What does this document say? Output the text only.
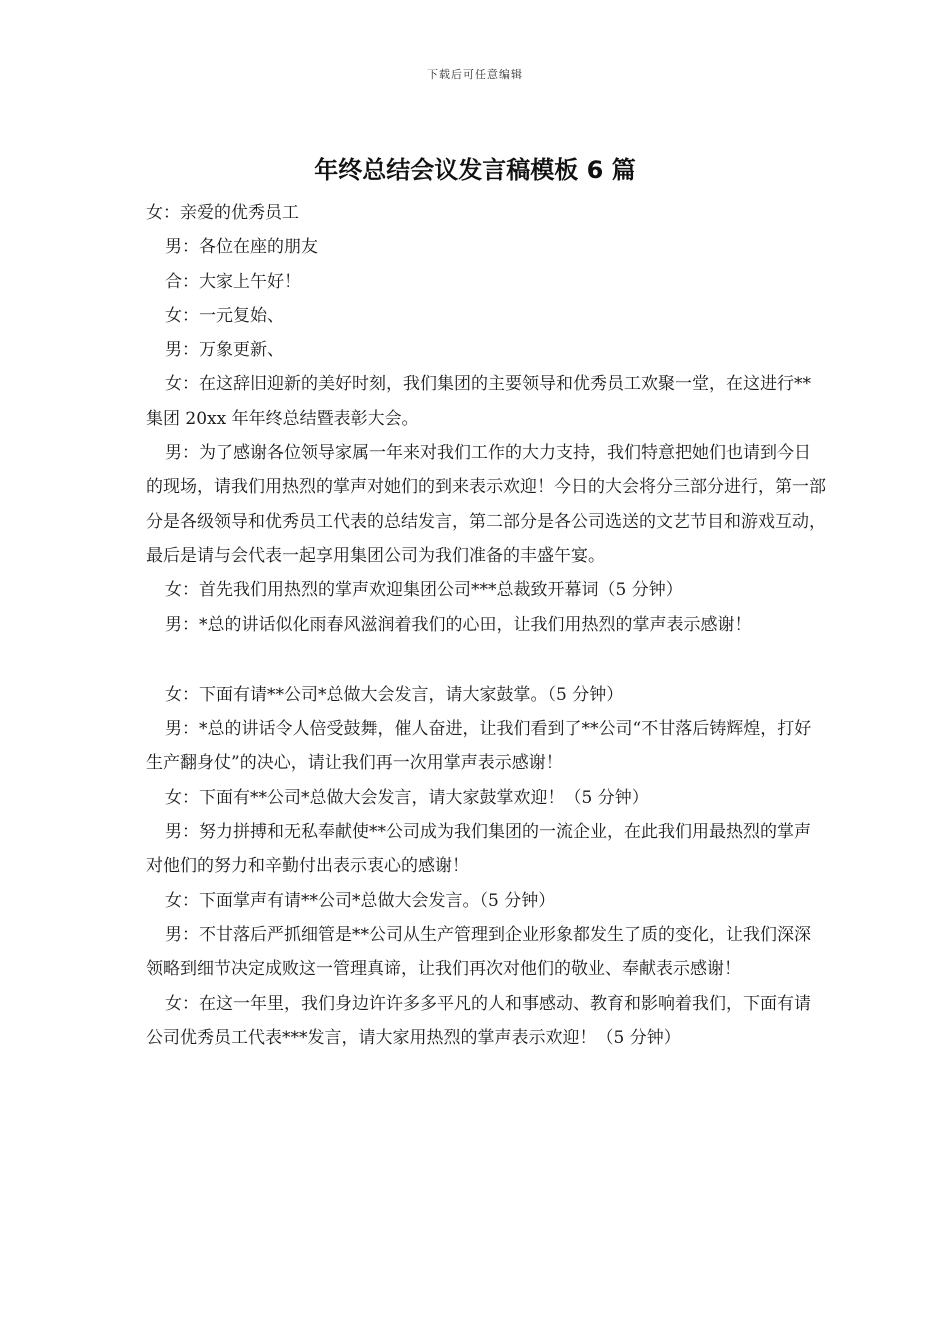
下载后可任意编辑
年终总结会议发言稿模板 6 篇

女：亲爱的优秀员工

男：各位在座的朋友

合：大家上午好！

女：一元复始、

男：万象更新、

女：在这辞旧迎新的美好时刻，我们集团的主要领导和优秀员工欢聚一堂，在这进行**集团 20xx 年年终总结暨表彰大会。

男：为了感谢各位领导家属一年来对我们工作的大力支持，我们特意把她们也请到今日的现场，请我们用热烈的掌声对她们的到来表示欢迎！今日的大会将分三部分进行，第一部分是各级领导和优秀员工代表的总结发言，第二部分是各公司选送的文艺节目和游戏互动，最后是请与会代表一起享用集团公司为我们准备的丰盛午宴。

女：首先我们用热烈的掌声欢迎集团公司***总裁致开幕词（5 分钟）

男：*总的讲话似化雨春风滋润着我们的心田，让我们用热烈的掌声表示感谢！

女：下面有请**公司*总做大会发言，请大家鼓掌。（5 分钟）

男：*总的讲话令人倍受鼓舞，催人奋进，让我们看到了**公司“不甘落后铸辉煌，打好生产翻身仗”的决心，请让我们再一次用掌声表示感谢！

女：下面有**公司*总做大会发言，请大家鼓掌欢迎！（5 分钟）

男：努力拼搏和无私奉献使**公司成为我们集团的一流企业，在此我们用最热烈的掌声对他们的努力和辛勤付出表示衷心的感谢！

女：下面掌声有请**公司*总做大会发言。（5 分钟）

男：不甘落后严抓细管是**公司从生产管理到企业形象都发生了质的变化，让我们深深领略到细节决定成败这一管理真谛，让我们再次对他们的敬业、奉献表示感谢！

女：在这一年里，我们身边许许多多平凡的人和事感动、教育和影响着我们，下面有请公司优秀员工代表***发言，请大家用热烈的掌声表示欢迎！（5 分钟）
